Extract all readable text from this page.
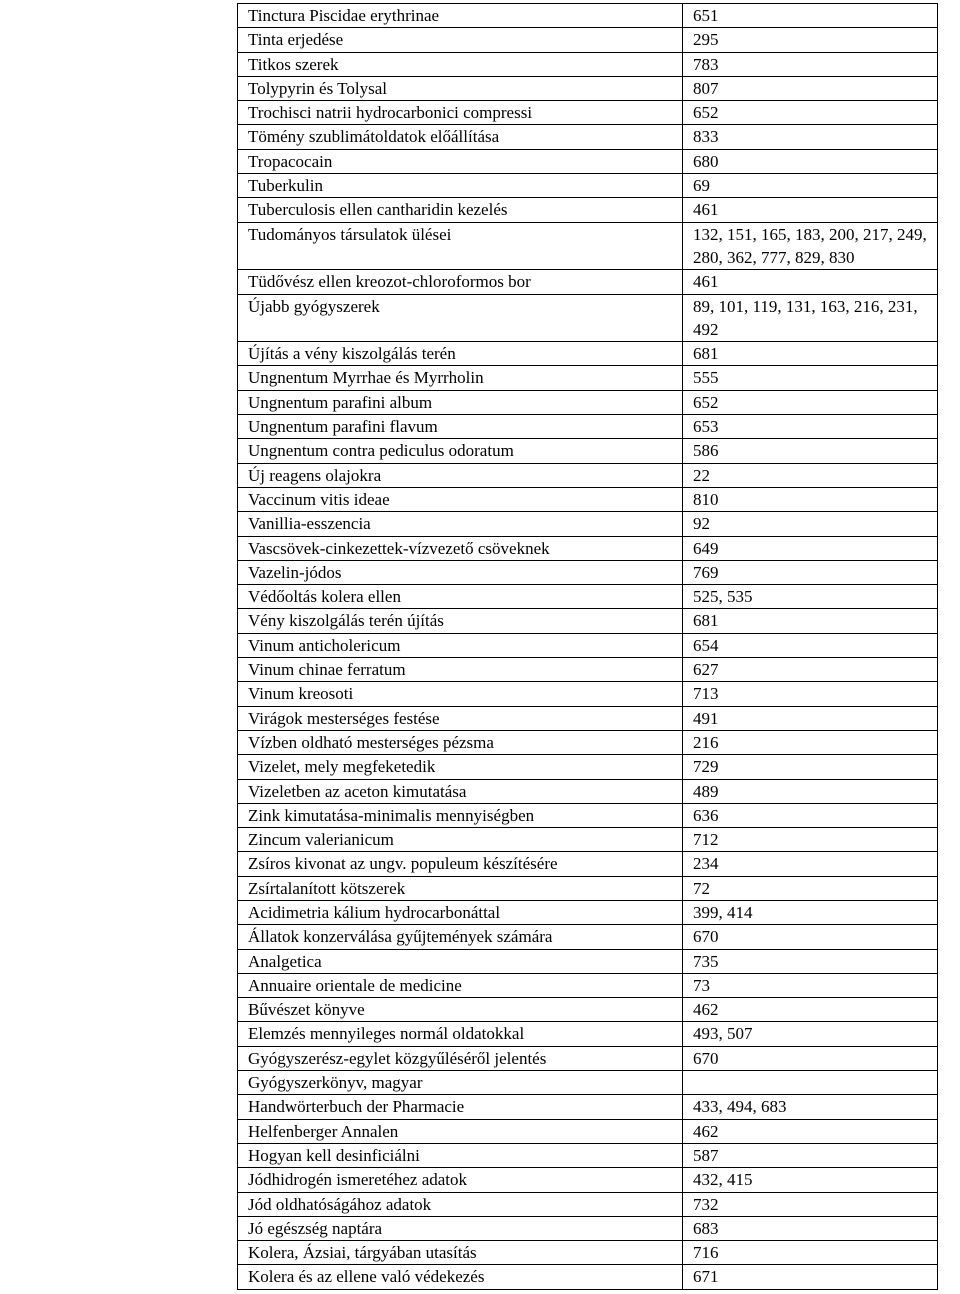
Tinctura Piscidae erythrinae	651
Tinta erjedése	295
Titkos szerek	783
Tolypyrin és Tolysal	807
Trochisci natrii hydrocarbonici compressi	652
Tömény szublimátoldatok előállítása	833
Tropacocain	680
Tuberkulin	69
Tuberculosis ellen cantharidin kezelés	461
Tudományos társulatok ülései	132, 151, 165, 183, 200, 217, 249, 280, 362, 777, 829, 830
Tüdővész ellen kreozot-chloroformos bor	461
Újabb gyógyszerek	89, 101, 119, 131, 163, 216, 231, 492
Újítás a vény kiszolgálás terén	681
Ungnentum Myrrhae és Myrrholin	555
Ungnentum parafini album	652
Ungnentum parafini flavum	653
Ungnentum contra pediculus odoratum	586
Új reagens olajokra	22
Vaccinum vitis ideae	810
Vanillia-esszencia	92
Vascsövek-cinkezettek-vízvezető csöveknek	649
Vazelin-jódos	769
Védőoltás kolera ellen	525, 535
Vény kiszolgálás terén újítás	681
Vinum anticholericum	654
Vinum chinae ferratum	627
Vinum kreosoti	713
Virágok mesterséges festése	491
Vízben oldható mesterséges pézsma	216
Vizelet, mely megfeketedik	729
Vizeletben az aceton kimutatása	489
Zink kimutatása-minimalis mennyiségben	636
Zincum valerianicum	712
Zsíros kivonat az ungv. populeum készítésére	234
Zsírtalanított kötszerek	72
Acidimetria kálium hydrocarbonáttal	399, 414
Állatok konzerválása gyűjtemények számára	670
Analgetica	735
Annuaire orientale de medicine	73
Bűvészet könyve	462
Elemzés mennyileges normál oldatokkal	493, 507
Gyógyszerész-egylet közgyűléséről jelentés	670
Gyógyszerkönyv, magyar	
Handwörterbuch der Pharmacie	433, 494, 683
Helfenberger Annalen	462
Hogyan kell desinficiálni	587
Jódhidrogén ismeretéhez adatok	432, 415
Jód oldhatóságához adatok	732
Jó egészség naptára	683
Kolera, Ázsiai, tárgyában utasítás	716
Kolera és az ellene való védekezés	671
